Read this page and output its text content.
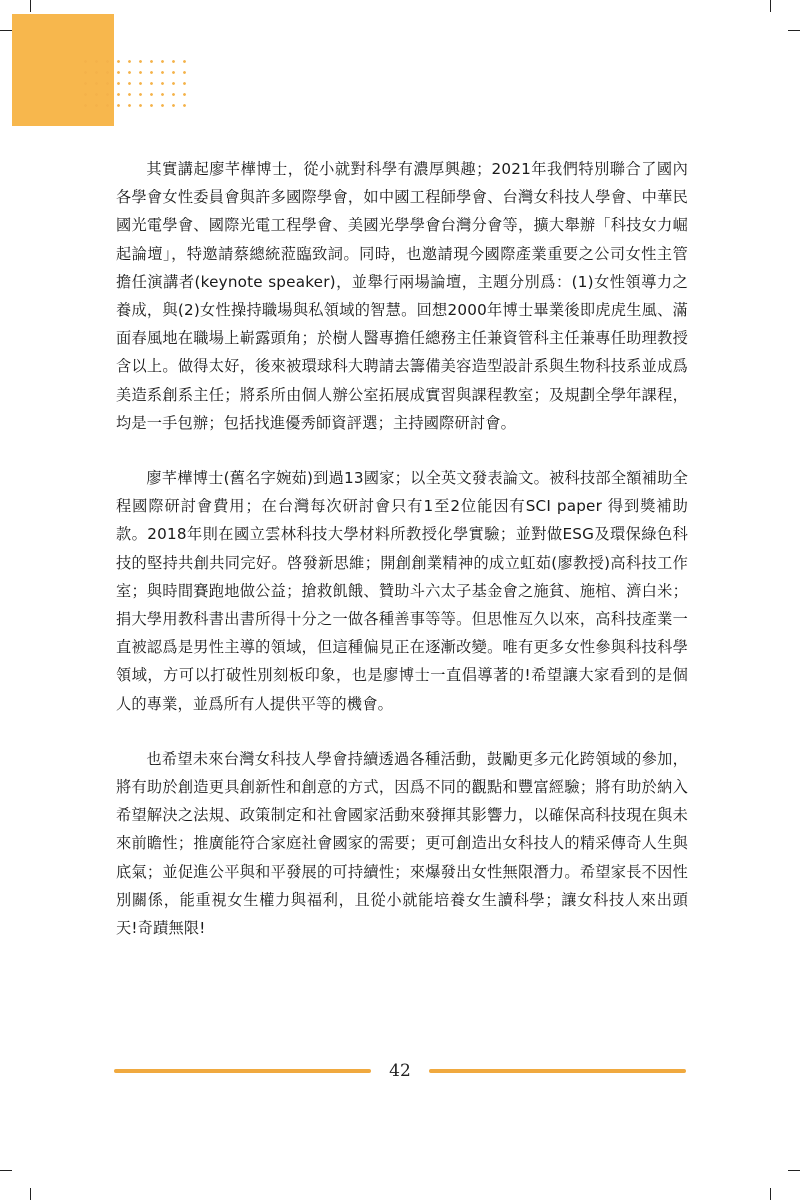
其實講起廖芊樺博士，從小就對科學有濃厚興趣；2021年我們特別聯合了國內各學會女性委員會與許多國際學會，如中國工程師學會、台灣女科技人學會、中華民國光電學會、國際光電工程學會、美國光學學會台灣分會等，擴大舉辦「科技女力崛起論壇」，特邀請蔡總統蒞臨致詞。同時，也邀請現今國際產業重要之公司女性主管擔任演講者(keynote speaker)，並舉行兩場論壇，主題分別爲：(1)女性領導力之養成，與(2)女性操持職場與私領域的智慧。回想2000年博士畢業後即虎虎生風、滿面春風地在職場上嶄露頭角；於樹人醫專擔任總務主任兼資管科主任兼專任助理教授含以上。做得太好，後來被環球科大聘請去籌備美容造型設計系與生物科技系並成爲美造系創系主任；將系所由個人辦公室拓展成實習與課程教室；及規劃全學年課程，均是一手包辦；包括找進優秀師資評選；主持國際研討會。

廖芊樺博士(舊名字婉茹)到過13國家；以全英文發表論文。被科技部全額補助全程國際研討會費用；在台灣每次研討會只有1至2位能因有SCI paper 得到獎補助款。2018年則在國立雲林科技大學材料所教授化學實驗；並對做ESG及環保綠色科技的堅持共創共同完好。啓發新思維；開創創業精神的成立虹茹(廖教授)高科技工作室；與時間賽跑地做公益；搶救飢餓、贊助斗六太子基金會之施貧、施棺、濟白米；捐大學用教科書出書所得十分之一做各種善事等等。但思惟亙久以來，高科技產業一直被認爲是男性主導的領域，但這種偏見正在逐漸改變。唯有更多女性參與科技科學領域，方可以打破性別刻板印象，也是廖博士一直倡導著的!希望讓大家看到的是個人的專業，並爲所有人提供平等的機會。

也希望未來台灣女科技人學會持續透過各種活動，鼓勵更多元化跨領域的參加，將有助於創造更具創新性和創意的方式，因爲不同的觀點和豐富經驗；將有助於納入希望解決之法規、政策制定和社會國家活動來發揮其影響力，以確保高科技現在與未來前瞻性；推廣能符合家庭社會國家的需要；更可創造出女科技人的精采傳奇人生與底氣；並促進公平與和平發展的可持續性；來爆發出女性無限潛力。希望家長不因性別關係，能重視女生權力與福利，且從小就能培養女生讀科學；讓女科技人來出頭天!奇蹟無限!

42
